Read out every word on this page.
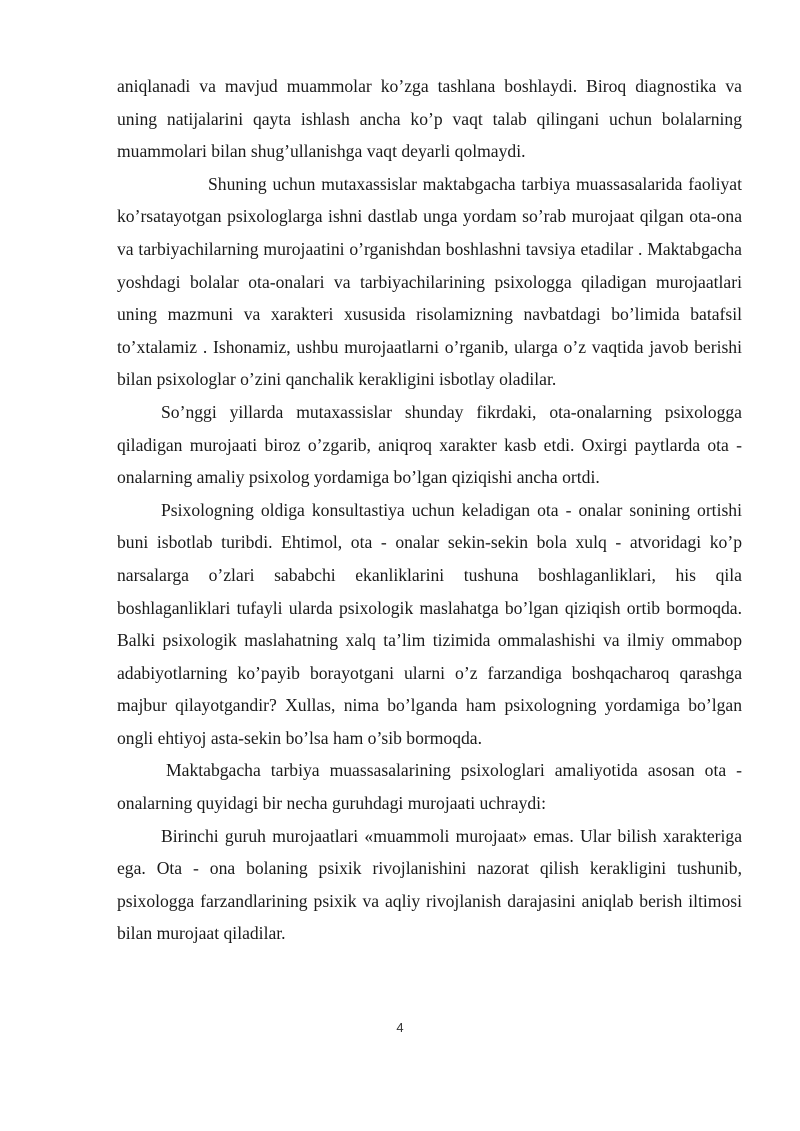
aniqlanadi va mavjud muammolar ko’zga tashlana boshlaydi. Biroq diagnostika va uning natijalarini qayta ishlash ancha ko’p vaqt talab qilingani uchun bolalarning muammolari bilan shug’ullanishga vaqt deyarli qolmaydi.

Shuning uchun mutaxassislar maktabgacha tarbiya muassasalarida faoliyat ko’rsatayotgan psixologlarga ishni dastlab unga yordam so’rab murojaat qilgan ota-ona va tarbiyachilarning murojaatini o’rganishdan boshlashni tavsiya etadilar . Maktabgacha yoshdagi bolalar ota-onalari va tarbiyachilarining psixologga qiladigan murojaatlari uning mazmuni va xarakteri xususida risolamizning navbatdagi bo’limida batafsil to’xtalamiz . Ishonamiz, ushbu murojaatlarni o’rganib, ularga o’z vaqtida javob berishi bilan psixologlar o’zini qanchalik kerakligini isbotlay oladilar.

So’nggi yillarda mutaxassislar shunday fikrdaki, ota-onalarning psixologga qiladigan murojaati biroz o’zgarib, aniqroq xarakter kasb etdi. Oxirgi paytlarda ota - onalarning amaliy psixolog yordamiga bo’lgan qiziqishi ancha ortdi.

Psixologning oldiga konsultastiya uchun keladigan ota - onalar sonining ortishi buni isbotlab turibdi. Ehtimol, ota - onalar sekin-sekin bola xulq - atvoridagi ko’p narsalarga o’zlari sababchi ekanliklarini tushuna boshlaganliklari, his qila boshlaganliklari tufayli ularda psixologik maslahatga bo’lgan qiziqish ortib bormoqda. Balki psixologik maslahatning xalq ta’lim tizimida ommalashishi va ilmiy ommabop adabiyotlarning ko’payib borayotgani ularni o’z farzandiga boshqacharoq qarashga majbur qilayotgandir? Xullas, nima bo’lganda ham psixologning yordamiga bo’lgan ongli ehtiyoj asta-sekin bo’lsa ham o’sib bormoqda.

Maktabgacha tarbiya muassasalarining psixologlari amaliyotida asosan ota - onalarning quyidagi bir necha guruhdagi murojaati uchraydi:

Birinchi guruh murojaatlari «muammoli murojaat» emas. Ular bilish xarakteriga ega. Ota - ona bolaning psixik rivojlanishini nazorat qilish kerakligini tushunib, psixologga farzandlarining psixik va aqliy rivojlanish darajasini aniqlab berish iltimosi bilan murojaat qiladilar.

4
